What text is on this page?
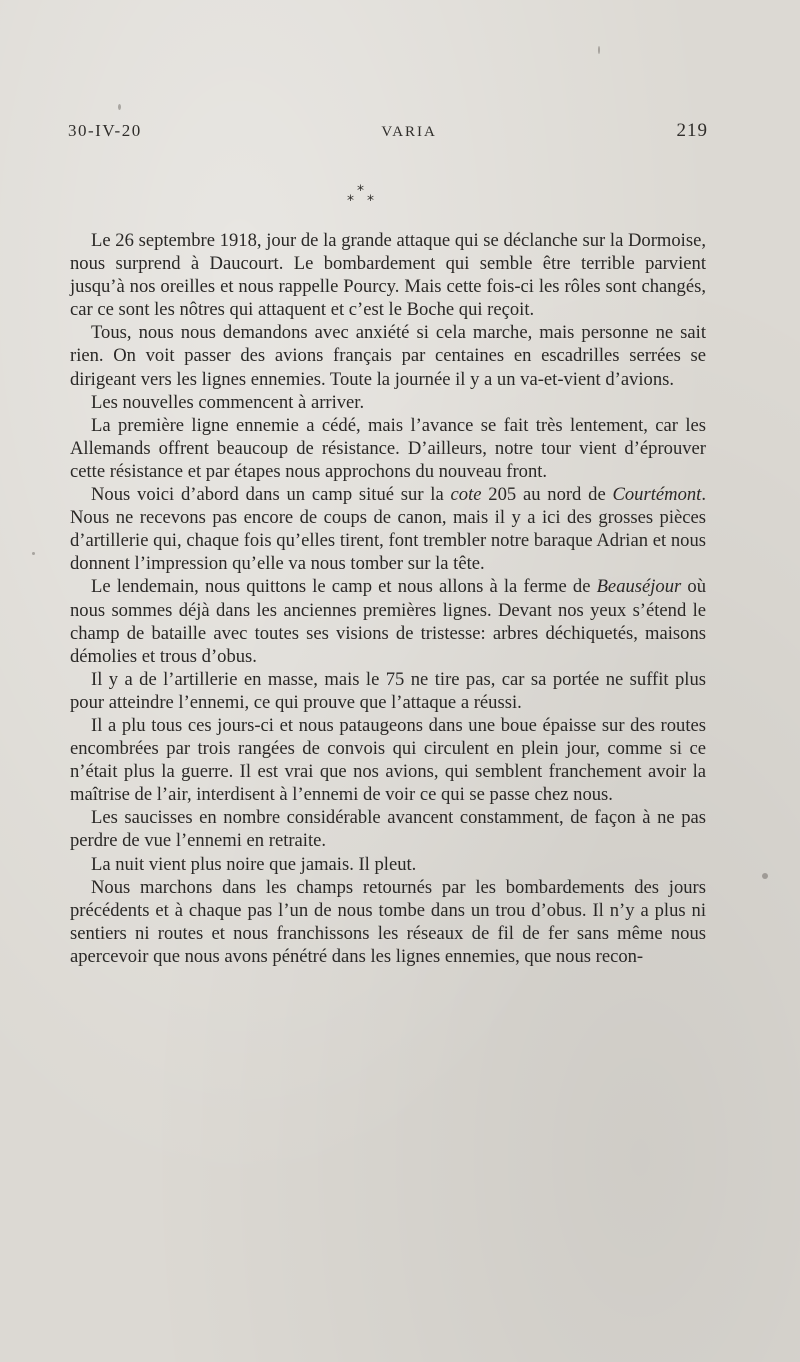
30-IV-20	VARIA	219
*
* *

Le 26 septembre 1918, jour de la grande attaque qui se déclanche sur la Dormoise, nous surprend à Daucourt. Le bombardement qui semble être terrible parvient jusqu’à nos oreilles et nous rappelle Pourcy. Mais cette fois-ci les rôles sont changés, car ce sont les nôtres qui attaquent et c’est le Boche qui reçoit.

Tous, nous nous demandons avec anxiété si cela marche, mais personne ne sait rien. On voit passer des avions français par centaines en escadrilles serrées se dirigeant vers les lignes ennemies. Toute la journée il y a un va-et-vient d’avions.

Les nouvelles commencent à arriver.

La première ligne ennemie a cédé, mais l’avance se fait très lentement, car les Allemands offrent beaucoup de résistance. D’ailleurs, notre tour vient d’éprouver cette résistance et par étapes nous approchons du nouveau front.

Nous voici d’abord dans un camp situé sur la cote 205 au nord de Courtémont. Nous ne recevons pas encore de coups de canon, mais il y a ici des grosses pièces d’artillerie qui, chaque fois qu’elles tirent, font trembler notre baraque Adrian et nous donnent l’impression qu’elle va nous tomber sur la tête.

Le lendemain, nous quittons le camp et nous allons à la ferme de Beauséjour où nous sommes déjà dans les anciennes premières lignes. Devant nos yeux s’étend le champ de bataille avec toutes ses visions de tristesse: arbres déchiquetés, maisons démolies et trous d’obus.

Il y a de l’artillerie en masse, mais le 75 ne tire pas, car sa portée ne suffit plus pour atteindre l’ennemi, ce qui prouve que l’attaque a réussi.

Il a plu tous ces jours-ci et nous pataugeons dans une boue épaisse sur des routes encombrées par trois rangées de convois qui circulent en plein jour, comme si ce n’était plus la guerre. Il est vrai que nos avions, qui semblent franchement avoir la maîtrise de l’air, interdisent à l’ennemi de voir ce qui se passe chez nous.

Les saucisses en nombre considérable avancent constamment, de façon à ne pas perdre de vue l’ennemi en retraite.

La nuit vient plus noire que jamais. Il pleut.

Nous marchons dans les champs retournés par les bombardements des jours précédents et à chaque pas l’un de nous tombe dans un trou d’obus. Il n’y a plus ni sentiers ni routes et nous franchissons les réseaux de fil de fer sans même nous apercevoir que nous avons pénétré dans les lignes ennemies, que nous recon-
